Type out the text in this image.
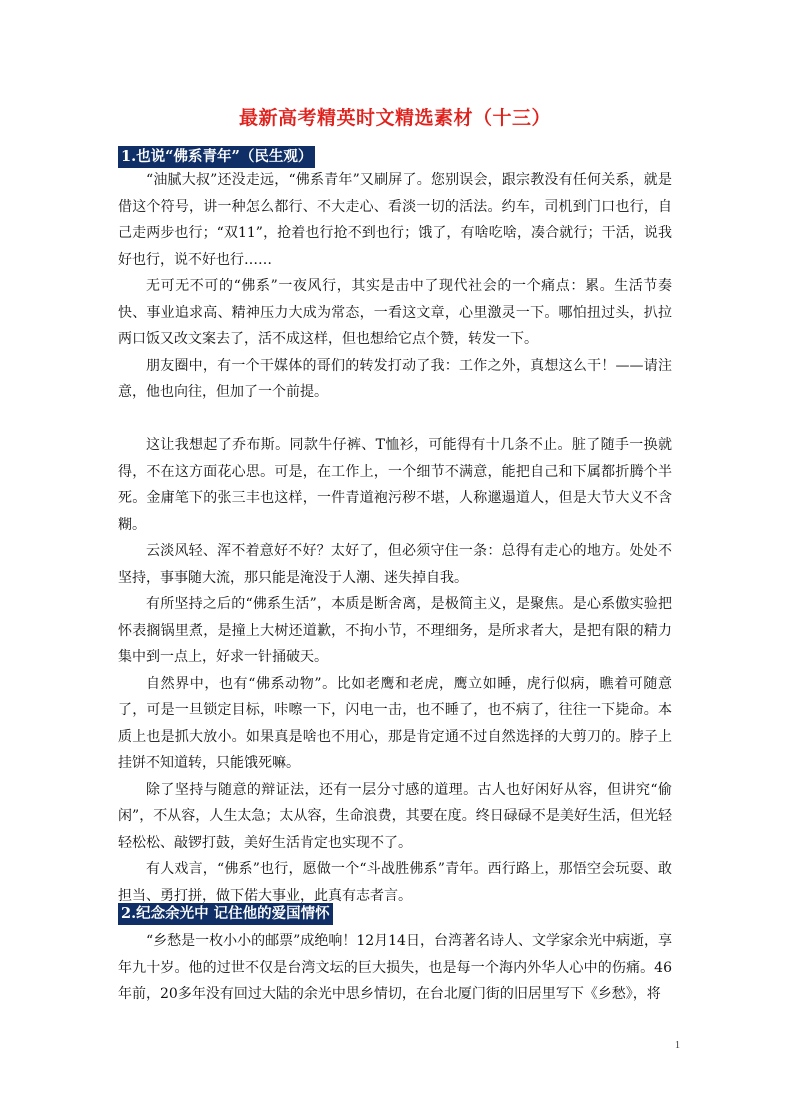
最新高考精英时文精选素材（十三）
1.也说“佛系青年”（民生观）

“油腻大叔”还没走远，“佛系青年”又刷屏了。您别误会，跟宗教没有任何关系，就是借这个符号，讲一种怎么都行、不大走心、看淡一切的活法。约车，司机到门口也行，自己走两步也行；“双11”，抢着也行抢不到也行；饿了，有啥吃啥，凑合就行；干活，说我好也行，说不好也行……

无可无不可的“佛系”一夜风行，其实是击中了现代社会的一个痛点：累。生活节奏快、事业追求高、精神压力大成为常态，一看这文章，心里激灵一下。哪怕扭过头，扒拉两口饭又改文案去了，活不成这样，但也想给它点个赞，转发一下。

朋友圈中，有一个干媒体的哥们的转发打动了我：工作之外，真想这么干！——请注意，他也向往，但加了一个前提。

这让我想起了乔布斯。同款牛仔裤、T恤衫，可能得有十几条不止。脏了随手一换就得，不在这方面花心思。可是，在工作上，一个细节不满意，能把自己和下属都折腾个半死。金庸笔下的张三丰也这样，一件青道袍污秽不堪，人称邋遢道人，但是大节大义不含糊。

云淡风轻、浑不着意好不好？太好了，但必须守住一条：总得有走心的地方。处处不坚持，事事随大流，那只能是淹没于人潮、迷失掉自我。

有所坚持之后的“佛系生活”，本质是断舍离，是极简主义，是聚焦。是心系傲实验把怀表搁锅里煮，是撞上大树还道歉，不拘小节，不理细务，是所求者大，是把有限的精力集中到一点上，好求一针捅破天。

自然界中，也有“佛系动物”。比如老鹰和老虎，鹰立如睡，虎行似病，瞧着可随意了，可是一旦锁定目标，咔嚓一下，闪电一击，也不睡了，也不病了，往往一下毙命。本质上也是抓大放小。如果真是啥也不用心，那是肯定通不过自然选择的大剪刀的。脖子上挂饼不知道转，只能饿死嘛。

除了坚持与随意的辩证法，还有一层分寸感的道理。古人也好闲好从容，但讲究“偷闲”，不从容，人生太急；太从容，生命浪费，其要在度。终日碌碌不是美好生活，但光轻轻松松、敲锣打鼓，美好生活肯定也实现不了。

有人戏言，“佛系”也行，愿做一个“斗战胜佛系”青年。西行路上，那悟空会玩耍、敢担当、勇打拼，做下偌大事业，此真有志者言。

2.纪念余光中 记住他的爱国情怀

“乡愁是一枚小小的邮票”成绝响！12月14日，台湾著名诗人、文学家余光中病逝，享年九十岁。他的过世不仅是台湾文坛的巨大损失，也是每一个海内外华人心中的伤痛。46年前，20多年没有回过大陆的余光中思乡情切，在台北厦门街的旧居里写下《乡愁》，将

1
